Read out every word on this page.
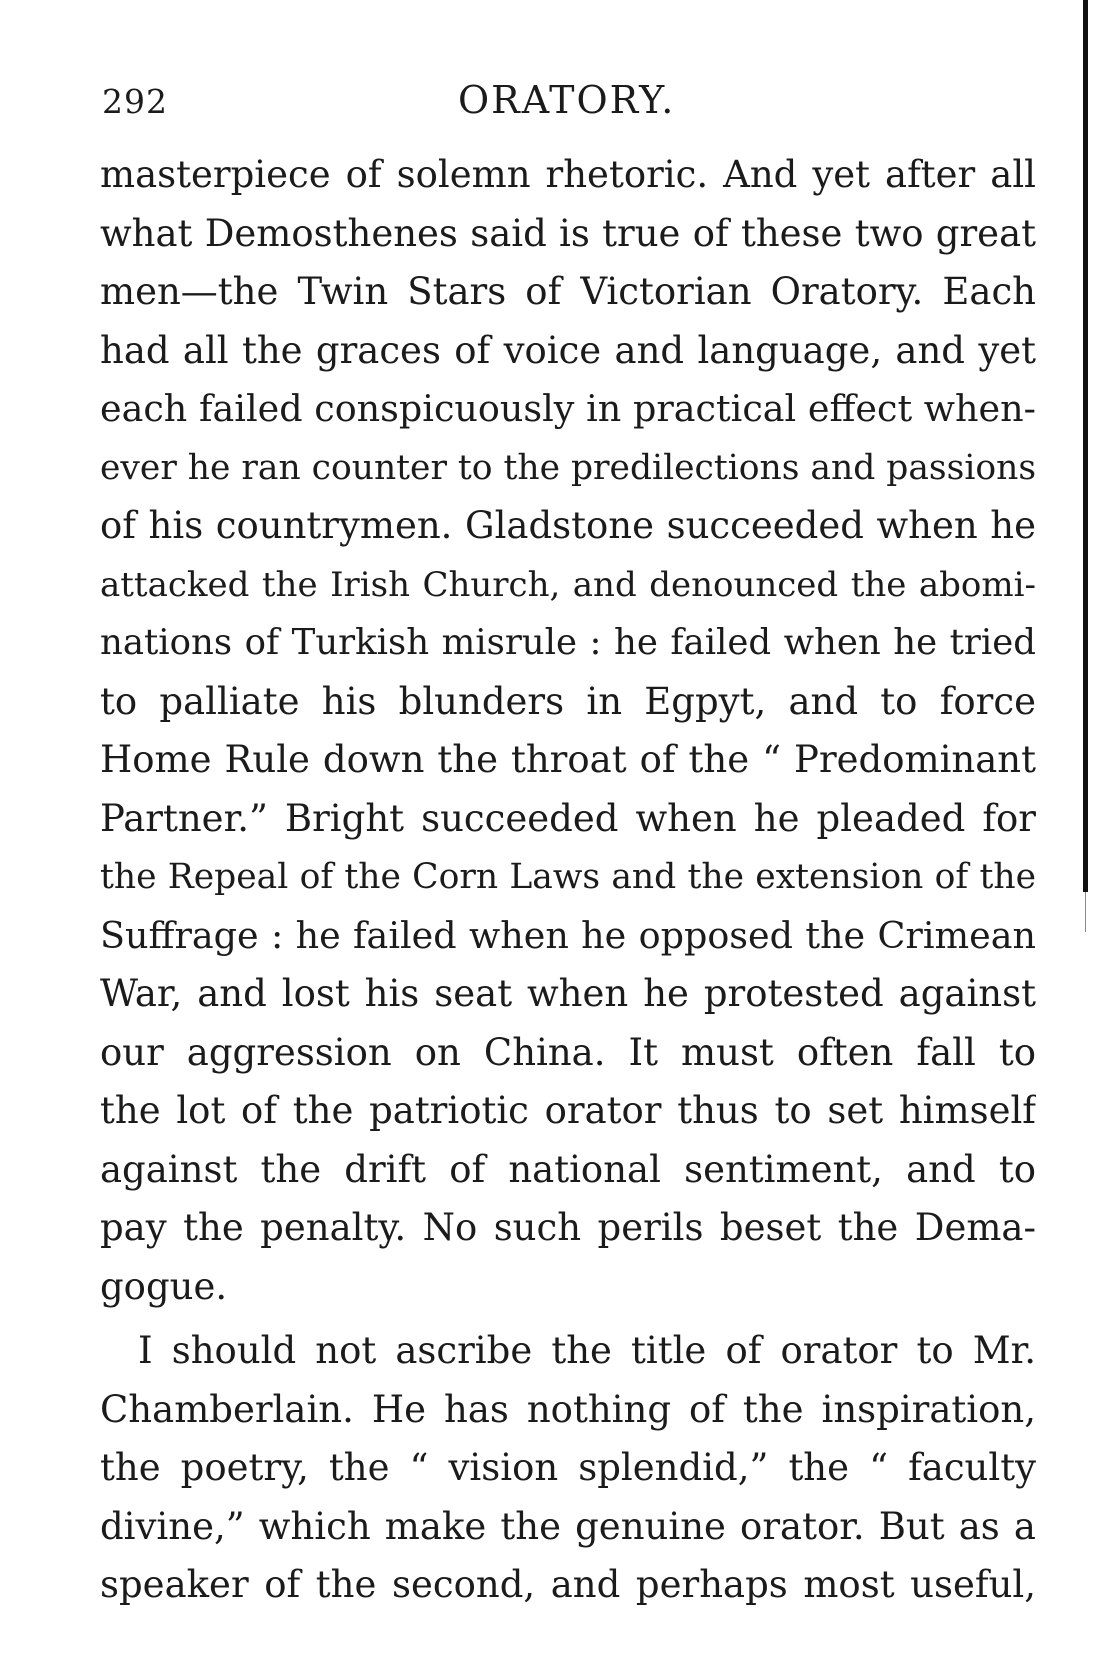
292	ORATORY.
masterpiece of solemn rhetoric. And yet after all
what Demosthenes said is true of these two great
men—the Twin Stars of Victorian Oratory. Each
had all the graces of voice and language, and yet
each failed conspicuously in practical effect when-
ever he ran counter to the predilections and passions
of his countrymen. Gladstone succeeded when he
attacked the Irish Church, and denounced the abomi-
nations of Turkish misrule : he failed when he tried
to palliate his blunders in Egpyt, and to force
Home Rule down the throat of the “ Predominant
Partner.” Bright succeeded when he pleaded for
the Repeal of the Corn Laws and the extension of the
Suffrage : he failed when he opposed the Crimean
War, and lost his seat when he protested against
our aggression on China. It must often fall to
the lot of the patriotic orator thus to set himself
against the drift of national sentiment, and to
pay the penalty. No such perils beset the Dema-
gogue.
I should not ascribe the title of orator to Mr.
Chamberlain. He has nothing of the inspiration,
the poetry, the “ vision splendid,” the “ faculty
divine,” which make the genuine orator. But as a
speaker of the second, and perhaps most useful,
